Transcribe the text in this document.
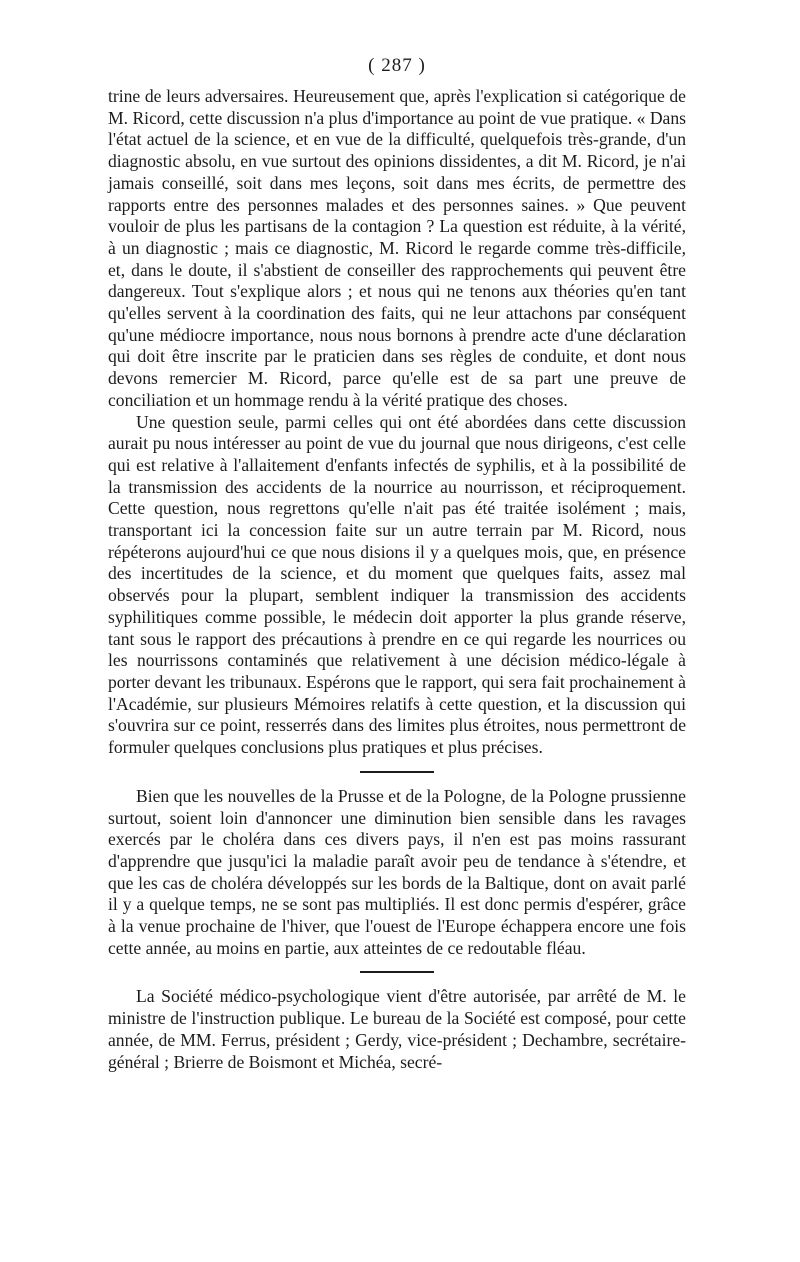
( 287 )

trine de leurs adversaires. Heureusement que, après l'explication si catégorique de M. Ricord, cette discussion n'a plus d'importance au point de vue pratique. « Dans l'état actuel de la science, et en vue de la difficulté, quelquefois très-grande, d'un diagnostic absolu, en vue surtout des opinions dissidentes, a dit M. Ricord, je n'ai jamais conseillé, soit dans mes leçons, soit dans mes écrits, de permettre des rapports entre des personnes malades et des personnes saines. » Que peuvent vouloir de plus les partisans de la contagion ? La question est réduite, à la vérité, à un diagnostic ; mais ce diagnostic, M. Ricord le regarde comme très-difficile, et, dans le doute, il s'abstient de conseiller des rapprochements qui peuvent être dangereux. Tout s'explique alors ; et nous qui ne tenons aux théories qu'en tant qu'elles servent à la coordination des faits, qui ne leur attachons par conséquent qu'une médiocre importance, nous nous bornons à prendre acte d'une déclaration qui doit être inscrite par le praticien dans ses règles de conduite, et dont nous devons remercier M. Ricord, parce qu'elle est de sa part une preuve de conciliation et un hommage rendu à la vérité pratique des choses.

Une question seule, parmi celles qui ont été abordées dans cette discussion aurait pu nous intéresser au point de vue du journal que nous dirigeons, c'est celle qui est relative à l'allaitement d'enfants infectés de syphilis, et à la possibilité de la transmission des accidents de la nourrice au nourrisson, et réciproquement. Cette question, nous regrettons qu'elle n'ait pas été traitée isolément ; mais, transportant ici la concession faite sur un autre terrain par M. Ricord, nous répéterons aujourd'hui ce que nous disions il y a quelques mois, que, en présence des incertitudes de la science, et du moment que quelques faits, assez mal observés pour la plupart, semblent indiquer la transmission des accidents syphilitiques comme possible, le médecin doit apporter la plus grande réserve, tant sous le rapport des précautions à prendre en ce qui regarde les nourrices ou les nourrissons contaminés que relativement à une décision médico-légale à porter devant les tribunaux. Espérons que le rapport, qui sera fait prochainement à l'Académie, sur plusieurs Mémoires relatifs à cette question, et la discussion qui s'ouvrira sur ce point, resserrés dans des limites plus étroites, nous permettront de formuler quelques conclusions plus pratiques et plus précises.

Bien que les nouvelles de la Prusse et de la Pologne, de la Pologne prussienne surtout, soient loin d'annoncer une diminution bien sensible dans les ravages exercés par le choléra dans ces divers pays, il n'en est pas moins rassurant d'apprendre que jusqu'ici la maladie paraît avoir peu de tendance à s'étendre, et que les cas de choléra développés sur les bords de la Baltique, dont on avait parlé il y a quelque temps, ne se sont pas multipliés. Il est donc permis d'espérer, grâce à la venue prochaine de l'hiver, que l'ouest de l'Europe échappera encore une fois cette année, au moins en partie, aux atteintes de ce redoutable fléau.

La Société médico-psychologique vient d'être autorisée, par arrêté de M. le ministre de l'instruction publique. Le bureau de la Société est composé, pour cette année, de MM. Ferrus, président ; Gerdy, vice-président ; Dechambre, secrétaire-général ; Brierre de Boismont et Michéa, secré-
